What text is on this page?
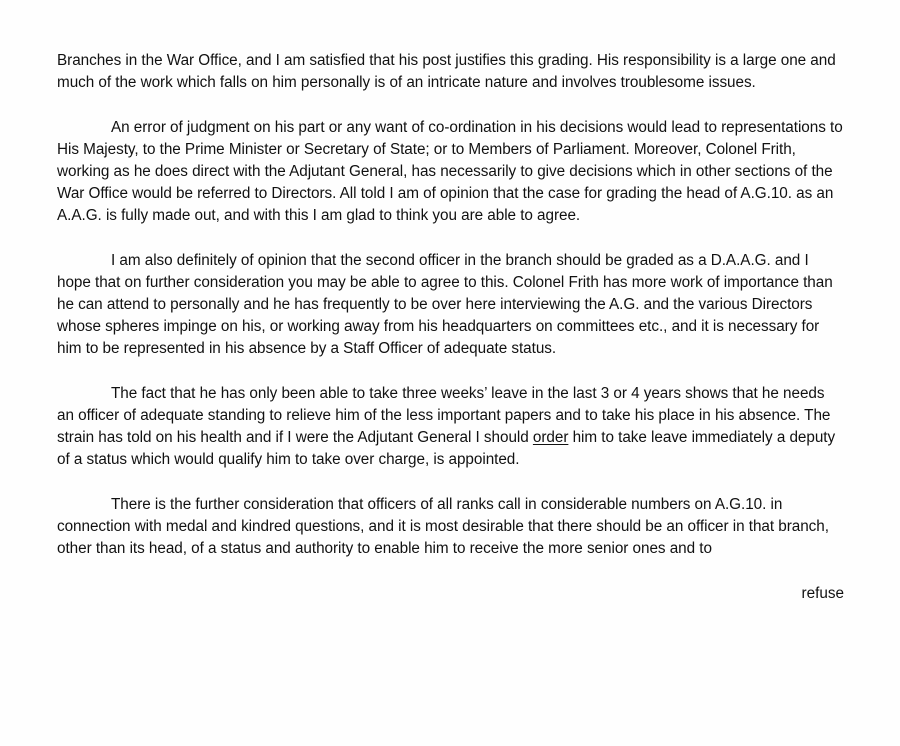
Branches in the War Office, and I am satisfied that his post justifies this grading. His responsibility is a large one and much of the work which falls on him personally is of an intricate nature and involves troublesome issues.

An error of judgment on his part or any want of co-ordination in his decisions would lead to representations to His Majesty, to the Prime Minister or Secretary of State; or to Members of Parliament. Moreover, Colonel Frith, working as he does direct with the Adjutant General, has necessarily to give decisions which in other sections of the War Office would be referred to Directors. All told I am of opinion that the case for grading the head of A.G.10. as an A.A.G. is fully made out, and with this I am glad to think you are able to agree.

I am also definitely of opinion that the second officer in the branch should be graded as a D.A.A.G. and I hope that on further consideration you may be able to agree to this. Colonel Frith has more work of importance than he can attend to personally and he has frequently to be over here interviewing the A.G. and the various Directors whose spheres impinge on his, or working away from his headquarters on committees etc., and it is necessary for him to be represented in his absence by a Staff Officer of adequate status.

The fact that he has only been able to take three weeks’ leave in the last 3 or 4 years shows that he needs an officer of adequate standing to relieve him of the less important papers and to take his place in his absence. The strain has told on his health and if I were the Adjutant General I should order him to take leave immediately a deputy of a status which would qualify him to take over charge, is appointed.

There is the further consideration that officers of all ranks call in considerable numbers on A.G.10. in connection with medal and kindred questions, and it is most desirable that there should be an officer in that branch, other than its head, of a status and authority to enable him to receive the more senior ones and to

refuse
